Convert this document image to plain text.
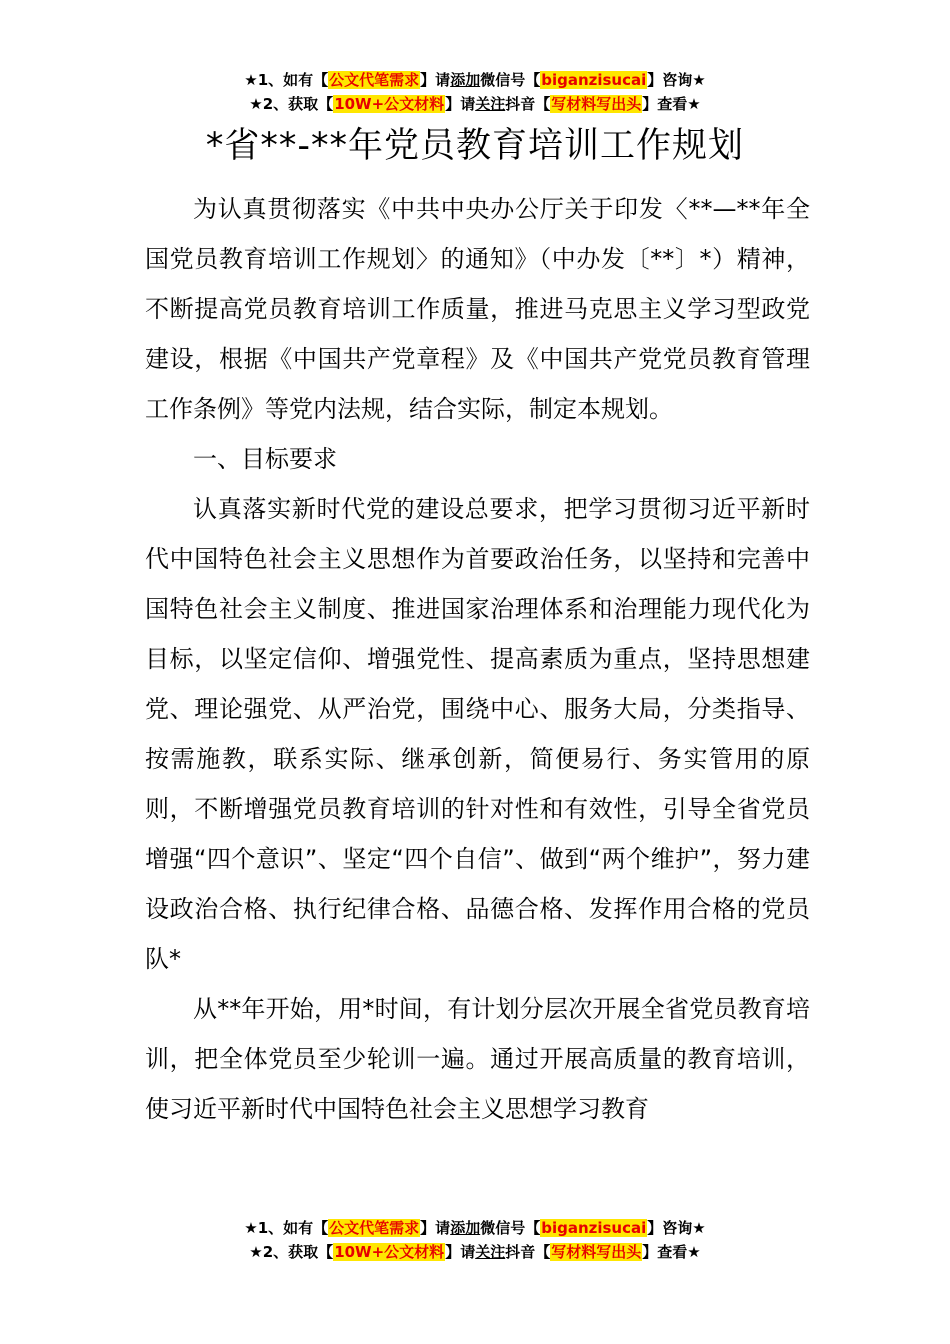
★1、如有【公文代笔需求】请添加微信号【biganzisucai】咨询★
★2、获取【10W+公文材料】请关注抖音【写材料写出头】查看★
*省**-**年党员教育培训工作规划

为认真贯彻落实《中共中央办公厅关于印发〈**—**年全国党员教育培训工作规划〉的通知》（中办发〔**〕*）精神，不断提高党员教育培训工作质量，推进马克思主义学习型政党建设，根据《中国共产党章程》及《中国共产党党员教育管理工作条例》等党内法规，结合实际，制定本规划。

一、目标要求

认真落实新时代党的建设总要求，把学习贯彻习近平新时代中国特色社会主义思想作为首要政治任务，以坚持和完善中国特色社会主义制度、推进国家治理体系和治理能力现代化为目标，以坚定信仰、增强党性、提高素质为重点，坚持思想建党、理论强党、从严治党，围绕中心、服务大局，分类指导、按需施教，联系实际、继承创新，简便易行、务实管用的原则，不断增强党员教育培训的针对性和有效性，引导全省党员增强“四个意识”、坚定“四个自信”、做到“两个维护”，努力建设政治合格、执行纪律合格、品德合格、发挥作用合格的党员队*

从**年开始，用*时间，有计划分层次开展全省党员教育培训，把全体党员至少轮训一遍。通过开展高质量的教育培训，使习近平新时代中国特色社会主义思想学习教育

★1、如有【公文代笔需求】请添加微信号【biganzisucai】咨询★
★2、获取【10W+公文材料】请关注抖音【写材料写出头】查看★
